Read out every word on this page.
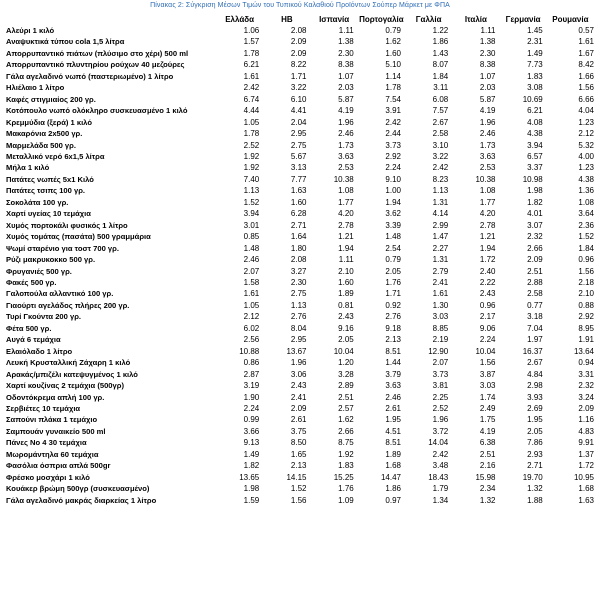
Πίνακας 2: Σύγκριση Μέσων Τιμών του Τυπικού Καλαθιού Προϊόντων Σούπερ Μάρκετ με ΦΠΑ
	Ελλάδα	ΗΒ	Ισπανία	Πορτογαλία	Γαλλία	Ιταλία	Γερμανία	Ρουμανία
Αλεύρι 1 κιλό	1.06	2.08	1.11	0.79	1.22	1.11	1.45	0.57
Αναψυκτικά τύπου cola 1,5 λίτρα	1.57	2.09	1.38	1.62	1.86	1.38	2.31	1.61
Απορρυπαντικό πιάτων (πλύσιμο στο χέρι) 500 ml	1.78	2.09	2.30	1.60	1.43	2.30	1.49	1.67
Απορρυπαντικό πλυντηρίου ρούχων 40 μεζούρες	6.21	8.22	8.38	5.10	8.07	8.38	7.73	8.42
Γάλα αγελαδινό νωπό (παστεριωμένο) 1 λίτρο	1.61	1.71	1.07	1.14	1.84	1.07	1.83	1.66
Ηλιέλαιο 1 λίτρο	2.42	3.22	2.03	1.78	3.11	2.03	3.08	1.56
Καφές στιγμιαίος 200 γρ.	6.74	6.10	5.87	7.54	6.08	5.87	10.69	6.66
Κοτόπουλο νωπό ολόκληρο συσκευασμένο 1 κιλό	4.44	4.41	4.19	3.91	7.57	4.19	6.21	4.04
Κρεμμύδια (ξερά) 1 κιλό	1.05	2.04	1.96	2.42	2.67	1.96	4.08	1.23
Μακαρόνια 2x500 γρ.	1.78	2.95	2.46	2.44	2.58	2.46	4.38	2.12
Μαρμελάδα 500 γρ.	2.52	2.75	1.73	3.73	3.10	1.73	3.94	5.32
Μεταλλικό νερό 6x1,5 λίτρα	1.92	5.67	3.63	2.92	3.22	3.63	6.57	4.00
Μήλα 1 κιλό	1.92	3.13	2.53	2.24	2.42	2.53	3.37	1.23
Πατάτες νωπές 5x1 Κιλό	7.40	7.77	10.38	9.10	8.23	10.38	10.98	4.38
Πατάτες τσιπς 100 γρ.	1.13	1.63	1.08	1.00	1.13	1.08	1.98	1.36
Σοκολάτα 100 γρ.	1.52	1.60	1.77	1.94	1.31	1.77	1.82	1.08
Χαρτί υγείας 10 τεμάχια	3.94	6.28	4.20	3.62	4.14	4.20	4.01	3.64
Χυμός πορτοκάλι φυσικός 1 λίτρο	3.01	2.71	2.78	3.39	2.99	2.78	3.07	2.36
Χυμός τομάτας (πασάτα) 500 γραμμάρια	0.85	1.64	1.21	1.48	1.47	1.21	2.32	1.52
Ψωμί σταρένιο για τοστ 700 γρ.	1.48	1.80	1.94	2.54	2.27	1.94	2.66	1.84
Ρύζι μακρυκοκκο 500 γρ.	2.46	2.08	1.11	0.79	1.31	1.72	2.09	0.96
Φρυγανιές 500 γρ.	2.07	3.27	2.10	2.05	2.79	2.40	2.51	1.56
Φακές 500 γρ.	1.58	2.30	1.60	1.76	2.41	2.22	2.88	2.18
Γαλοπούλα αλλαντικό 100 γρ.	1.61	2.75	1.89	1.71	1.61	2.43	2.58	2.10
Γιαούρτι αγελάδος πλήρες 200 γρ.	1.05	1.13	0.81	0.92	1.30	0.96	0.77	0.88
Τυρί Γκούντα 200 γρ.	2.12	2.76	2.43	2.76	3.03	2.17	3.18	2.92
Φέτα 500 γρ.	6.02	8.04	9.16	9.18	8.85	9.06	7.04	8.95
Αυγά 6 τεμάχια	2.56	2.95	2.05	2.13	2.19	2.24	1.97	1.91
Ελαιόλαδο 1 λίτρο	10.88	13.67	10.04	8.51	12.90	10.04	16.37	13.64
Λευκή Κρυσταλλική Ζάχαρη 1 κιλό	0.86	1.96	1.20	1.44	2.07	1.56	2.67	0.94
Αρακάς/μπιζέλι κατεψυγμένος 1 κιλό	2.87	3.06	3.28	3.79	3.73	3.87	4.84	3.31
Χαρτί κουζίνας 2 τεμάχια (500γρ)	3.19	2.43	2.89	3.63	3.81	3.03	2.98	2.32
Οδοντόκρεμα απλή 100 γρ.	1.90	2.41	2.51	2.46	2.25	1.74	3.93	3.24
Σερβιέτες 10 τεμάχια	2.24	2.09	2.57	2.61	2.52	2.49	2.69	2.09
Σαπούνι πλάκα 1 τεμάχιο	0.99	2.61	1.62	1.95	1.96	1.75	1.95	1.16
Σαμπουάν γυναικείο 500 ml	3.66	3.75	2.66	4.51	3.72	4.19	2.05	4.83
Πάνες Νο 4 30 τεμάχια	9.13	8.50	8.75	8.51	14.04	6.38	7.86	9.91
Μωρομάντηλα 60 τεμάχια	1.49	1.65	1.92	1.89	2.42	2.51	2.93	1.37
Φασόλια όσπρια απλά 500gr	1.82	2.13	1.83	1.68	3.48	2.16	2.71	1.72
Φρέσκο μοσχάρι 1 κιλό	13.65	14.15	15.25	14.47	18.43	15.98	19.70	10.95
Κουάκερ βρώμη 500γρ (συσκευασμένο)	1.98	1.52	1.76	1.86	1.79	2.34	1.32	1.68
Γάλα αγελαδινό μακράς διαρκείας 1 λίτρο	1.59	1.56	1.09	0.97	1.34	1.32	1.88	1.63
